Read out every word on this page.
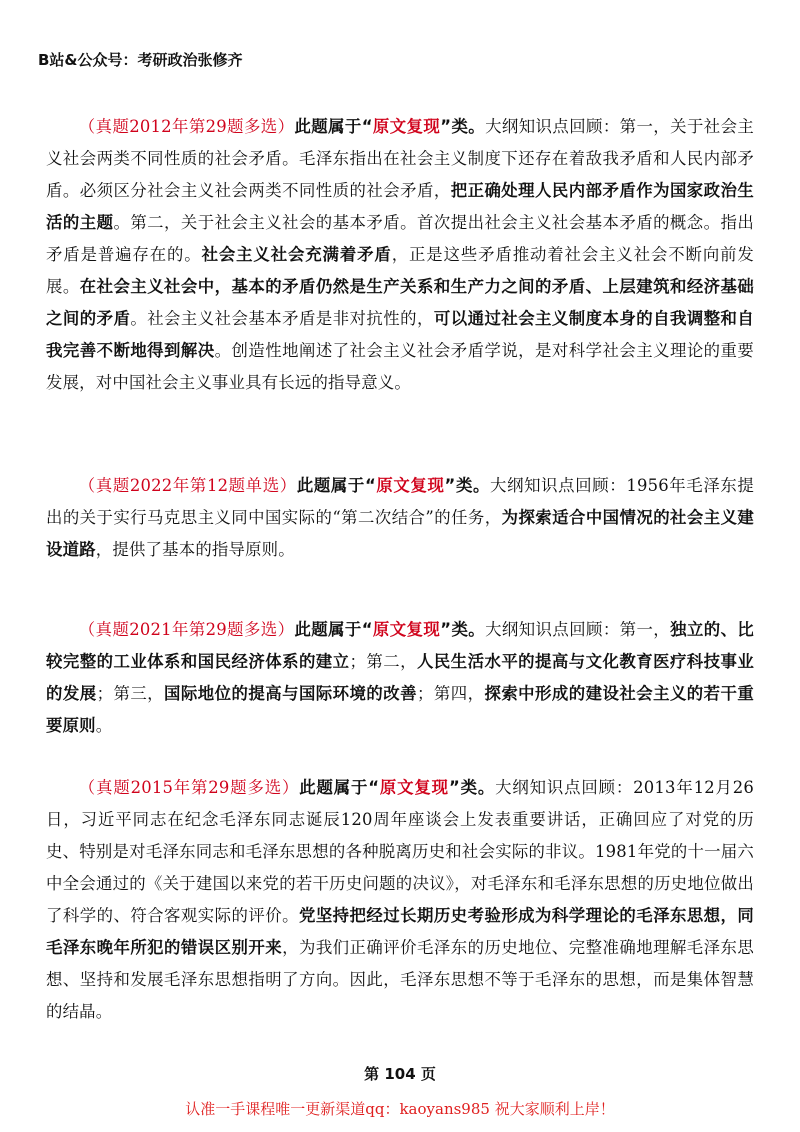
B站&公众号：考研政治张修齐
（真题2012年第29题多选）此题属于“原文复现”类。大纲知识点回顾：第一，关于社会主义社会两类不同性质的社会矛盾。毛泽东指出在社会主义制度下还存在着敌我矛盾和人民内部矛盾。必须区分社会主义社会两类不同性质的社会矛盾，把正确处理人民内部矛盾作为国家政治生活的主题。第二，关于社会主义社会的基本矛盾。首次提出社会主义社会基本矛盾的概念。指出矛盾是普遍存在的。社会主义社会充满着矛盾，正是这些矛盾推动着社会主义社会不断向前发展。在社会主义社会中，基本的矛盾仍然是生产关系和生产力之间的矛盾、上层建筑和经济基础之间的矛盾。社会主义社会基本矛盾是非对抗性的，可以通过社会主义制度本身的自我调整和自我完善不断地得到解决。创造性地阐述了社会主义社会矛盾学说，是对科学社会主义理论的重要发展，对中国社会主义事业具有长远的指导意义。
（真题2022年第12题单选）此题属于“原文复现”类。大纲知识点回顾：1956年毛泽东提出的关于实行马克思主义同中国实际的“第二次结合”的任务，为探索适合中国情况的社会主义建设道路，提供了基本的指导原则。
（真题2021年第29题多选）此题属于“原文复现”类。大纲知识点回顾：第一，独立的、比较完整的工业体系和国民经济体系的建立；第二，人民生活水平的提高与文化教育医疗科技事业的发展；第三，国际地位的提高与国际环境的改善；第四，探索中形成的建设社会主义的若干重要原则。
（真题2015年第29题多选）此题属于“原文复现”类。大纲知识点回顾：2013年12月26日，习近平同志在纪念毛泽东同志诞辰120周年座谈会上发表重要讲话，正确回应了对党的历史、特别是对毛泽东同志和毛泽东思想的各种脱离历史和社会实际的非议。1981年党的十一届六中全会通过的《关于建国以来党的若干历史问题的决议》，对毛泽东和毛泽东思想的历史地位做出了科学的、符合客观实际的评价。党坚持把经过长期历史考验形成为科学理论的毛泽东思想，同毛泽东晚年所犯的错误区别开来，为我们正确评价毛泽东的历史地位、完整准确地理解毛泽东思想、坚持和发展毛泽东思想指明了方向。因此，毛泽东思想不等于毛泽东的思想，而是集体智慧的结晶。
第 104 页
认准一手课程唯一更新渠道qq：kaoyans985 祝大家顺利上岸！
